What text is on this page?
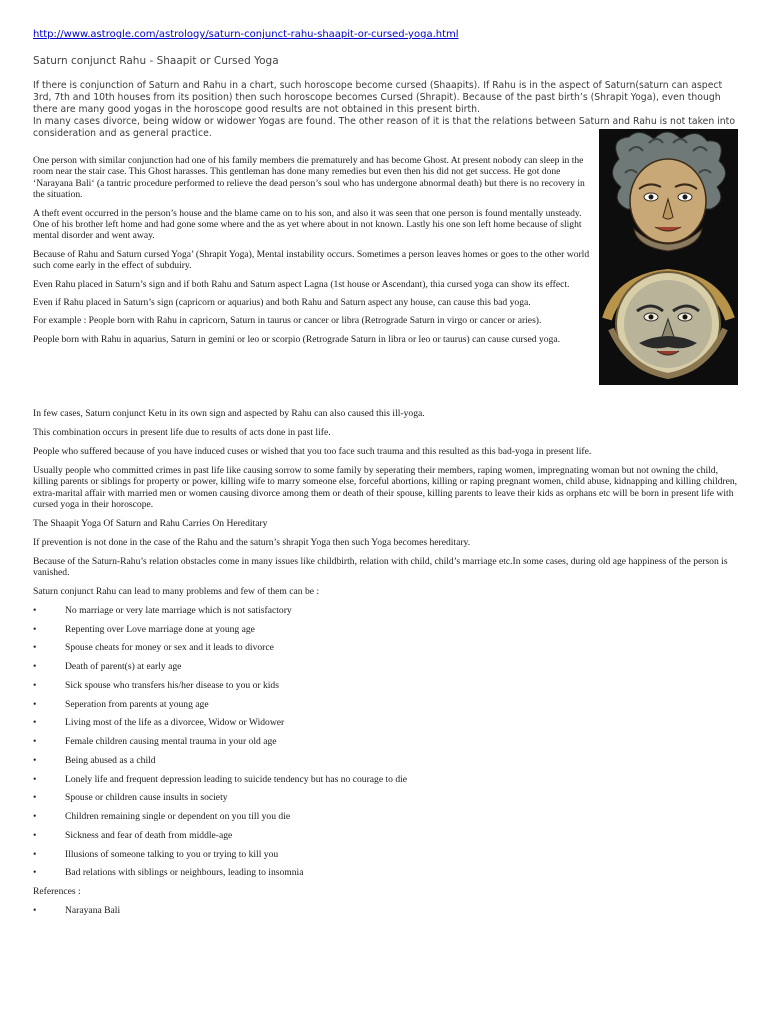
http://www.astrogle.com/astrology/saturn-conjunct-rahu-shaapit-or-cursed-yoga.html
Saturn conjunct Rahu - Shaapit or Cursed Yoga

If there is conjunction of Saturn and Rahu in a chart, such horoscope become cursed (Shaapits). If Rahu is in the aspect of Saturn(saturn can aspect 3rd, 7th and 10th houses from its position) then such horoscope becomes Cursed (Shrapit). Because of the past birth’s (Shrapit Yoga), even though there are many good yogas in the horoscope good results are not obtained in this present birth.

In many cases divorce, being widow or widower Yogas are found. The other reason of it is that the relations between Saturn and Rahu is not taken into consideration and as general practice.

One person with similar conjunction had one of his family members die prematurely and has become Ghost. At present nobody can sleep in the room near the stair case. This Ghost harasses. This gentleman has done many remedies but even then his did not get success. He got done ‘Narayana Bali‘ (a tantric procedure performed to relieve the dead person’s soul who has undergone abnormal death) but there is no recovery in the situation.

A theft event occurred in the person’s house and the blame came on to his son, and also it was seen that one person is found mentally unsteady. One of his brother left home and had gone some where and the as yet where about in not known. Lastly his one son left home because of slight mental disorder and went away.

Because of Rahu and Saturn cursed Yoga’ (Shrapit Yoga), Mental instability occurs. Sometimes a person leaves homes or goes to the other world such come early in the effect of subduiry.

Even Rahu placed in Saturn’s sign and if both Rahu and Saturn aspect Lagna (1st house or Ascendant), thia cursed yoga can show its effect.

Even if Rahu placed in Saturn’s sign (capricorn or aquarius) and both Rahu and Saturn aspect any house, can cause this bad yoga.

For example : People born with Rahu in capricorn, Saturn in taurus or cancer or libra (Retrograde Saturn in virgo or cancer or aries).

People born with Rahu in aquarius, Saturn in gemini or leo or scorpio (Retrograde Saturn in libra or leo or taurus) can cause cursed yoga.

In few cases, Saturn conjunct Ketu in its own sign and aspected by Rahu can also caused this ill-yoga.

This combination occurs in present life due to results of acts done in past life.

People who suffered because of you have induced cuses or wished that you too face such trauma and this resulted as this bad-yoga in present life.

Usually people who committed crimes in past life like causing sorrow to some family by seperating their members, raping women, impregnating woman but not owning the child, killing parents or siblings for property or power, killing wife to marry someone else, forceful abortions, killing or raping pregnant women, child abuse, kidnapping and killing children, extra-marital affair with married men or women causing divorce among them or death of their spouse, killing parents to leave their kids as orphans etc will be born in present life with cursed yoga in their horoscope.

The Shaapit Yoga Of Saturn and Rahu Carries On Hereditary

If prevention is not done in the case of the Rahu and the saturn’s shrapit Yoga then such Yoga becomes hereditary.

Because of the Saturn-Rahu’s relation obstacles come in many issues like childbirth, relation with child, child’s marriage etc.In some cases, during old age happiness of the person is vanished.

Saturn conjunct Rahu can lead to many problems and few of them can be :

•	No marriage or very late marriage which is not satisfactory
•	Repenting over Love marriage done at young age
•	Spouse cheats for money or sex and it leads to divorce
•	Death of parent(s) at early age
•	Sick spouse who transfers his/her disease to you or kids
•	Seperation from parents at young age
•	Living most of the life as a divorcee, Widow or Widower
•	Female children causing mental trauma in your old age
•	Being abused as a child
•	Lonely life and frequent depression leading to suicide tendency but has no courage to die
•	Spouse or children cause insults in society
•	Children remaining single or dependent on you till you die
•	Sickness and fear of death from middle-age
•	Illusions of someone talking to you or trying to kill you
•	Bad relations with siblings or neighbours, leading to insomnia

References :

•	Narayana Bali
